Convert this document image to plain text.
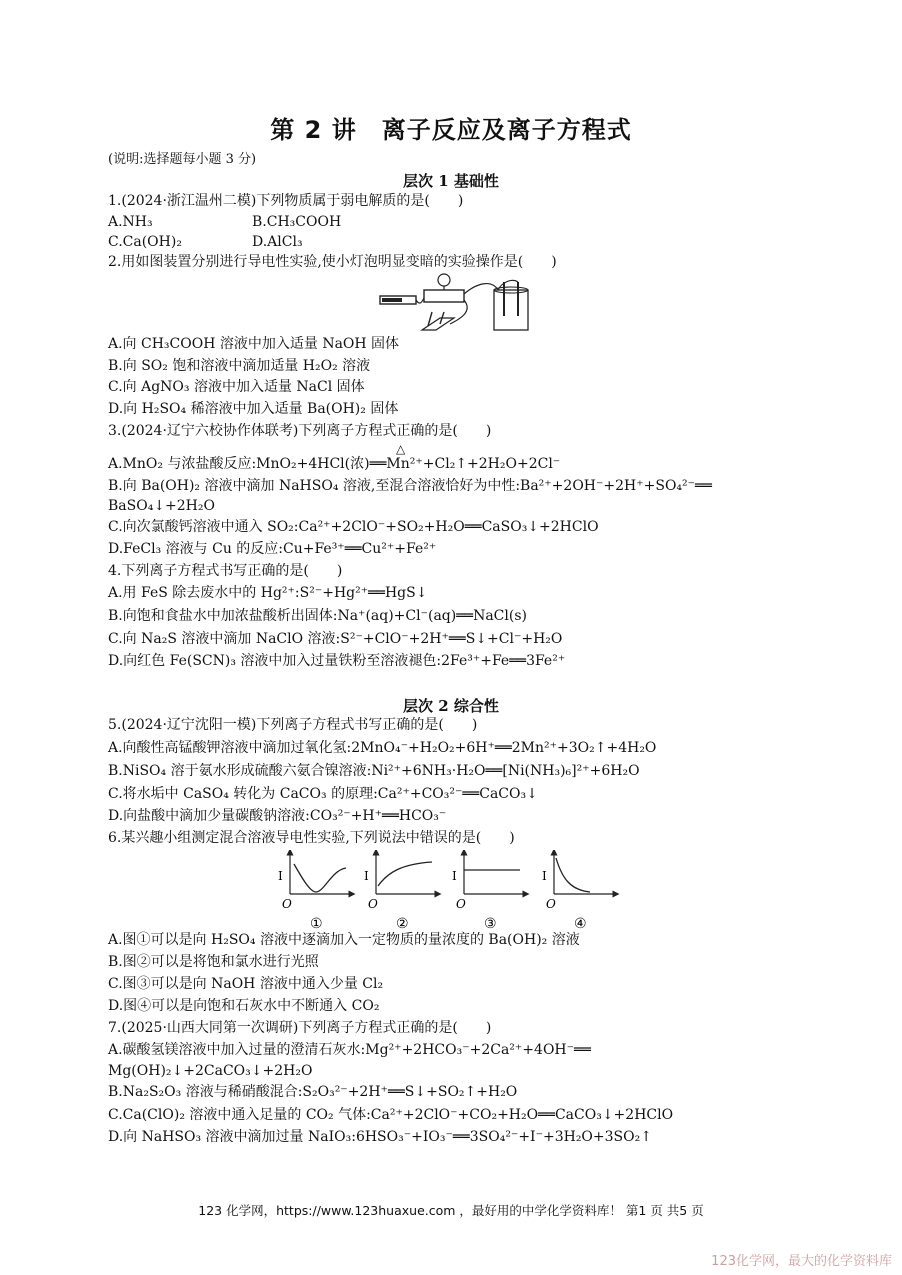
第 2 讲　离子反应及离子方程式
(说明:选择题每小题 3 分)
层次 1 基础性
1.(2024·浙江温州二模)下列物质属于弱电解质的是(　　)
A.NH₃	B.CH₃COOH
C.Ca(OH)₂	D.AlCl₃
2.用如图装置分别进行导电性实验,使小灯泡明显变暗的实验操作是(　　)
A.向 CH₃COOH 溶液中加入适量 NaOH 固体
B.向 SO₂ 饱和溶液中滴加适量 H₂O₂ 溶液
C.向 AgNO₃ 溶液中加入适量 NaCl 固体
D.向 H₂SO₄ 稀溶液中加入适量 Ba(OH)₂ 固体
3.(2024·辽宁六校协作体联考)下列离子方程式正确的是(　　)
△
A.MnO₂ 与浓盐酸反应:MnO₂+4HCl(浓)══Mn²⁺+Cl₂↑+2H₂O+2Cl⁻
B.向 Ba(OH)₂ 溶液中滴加 NaHSO₄ 溶液,至混合溶液恰好为中性:Ba²⁺+2OH⁻+2H⁺+SO₄²⁻══
BaSO₄↓+2H₂O
C.向次氯酸钙溶液中通入 SO₂:Ca²⁺+2ClO⁻+SO₂+H₂O══CaSO₃↓+2HClO
D.FeCl₃ 溶液与 Cu 的反应:Cu+Fe³⁺══Cu²⁺+Fe²⁺
4.下列离子方程式书写正确的是(　　)
A.用 FeS 除去废水中的 Hg²⁺:S²⁻+Hg²⁺══HgS↓
B.向饱和食盐水中加浓盐酸析出固体:Na⁺(aq)+Cl⁻(aq)══NaCl(s)
C.向 Na₂S 溶液中滴加 NaClO 溶液:S²⁻+ClO⁻+2H⁺══S↓+Cl⁻+H₂O
D.向红色 Fe(SCN)₃ 溶液中加入过量铁粉至溶液褪色:2Fe³⁺+Fe══3Fe²⁺
层次 2 综合性
5.(2024·辽宁沈阳一模)下列离子方程式书写正确的是(　　)
A.向酸性高锰酸钾溶液中滴加过氧化氢:2MnO₄⁻+H₂O₂+6H⁺══2Mn²⁺+3O₂↑+4H₂O
B.NiSO₄ 溶于氨水形成硫酸六氨合镍溶液:Ni²⁺+6NH₃·H₂O══[Ni(NH₃)₆]²⁺+6H₂O
C.将水垢中 CaSO₄ 转化为 CaCO₃ 的原理:Ca²⁺+CO₃²⁻══CaCO₃↓
D.向盐酸中滴加少量碳酸钠溶液:CO₃²⁻+H⁺══HCO₃⁻
6.某兴趣小组测定混合溶液导电性实验,下列说法中错误的是(　　)
I
O
①
I
O
②
I
O
③
I
O
④
A.图①可以是向 H₂SO₄ 溶液中逐滴加入一定物质的量浓度的 Ba(OH)₂ 溶液
B.图②可以是将饱和氯水进行光照
C.图③可以是向 NaOH 溶液中通入少量 Cl₂
D.图④可以是向饱和石灰水中不断通入 CO₂
7.(2025·山西大同第一次调研)下列离子方程式正确的是(　　)
A.碳酸氢镁溶液中加入过量的澄清石灰水:Mg²⁺+2HCO₃⁻+2Ca²⁺+4OH⁻══
Mg(OH)₂↓+2CaCO₃↓+2H₂O
B.Na₂S₂O₃ 溶液与稀硝酸混合:S₂O₃²⁻+2H⁺══S↓+SO₂↑+H₂O
C.Ca(ClO)₂ 溶液中通入足量的 CO₂ 气体:Ca²⁺+2ClO⁻+CO₂+H₂O══CaCO₃↓+2HClO
D.向 NaHSO₃ 溶液中滴加过量 NaIO₃:6HSO₃⁻+IO₃⁻══3SO₄²⁻+I⁻+3H₂O+3SO₂↑
123 化学网，https://www.123huaxue.com ，最好用的中学化学资料库！ 第1 页 共5 页
123化学网，最大的化学资料库
